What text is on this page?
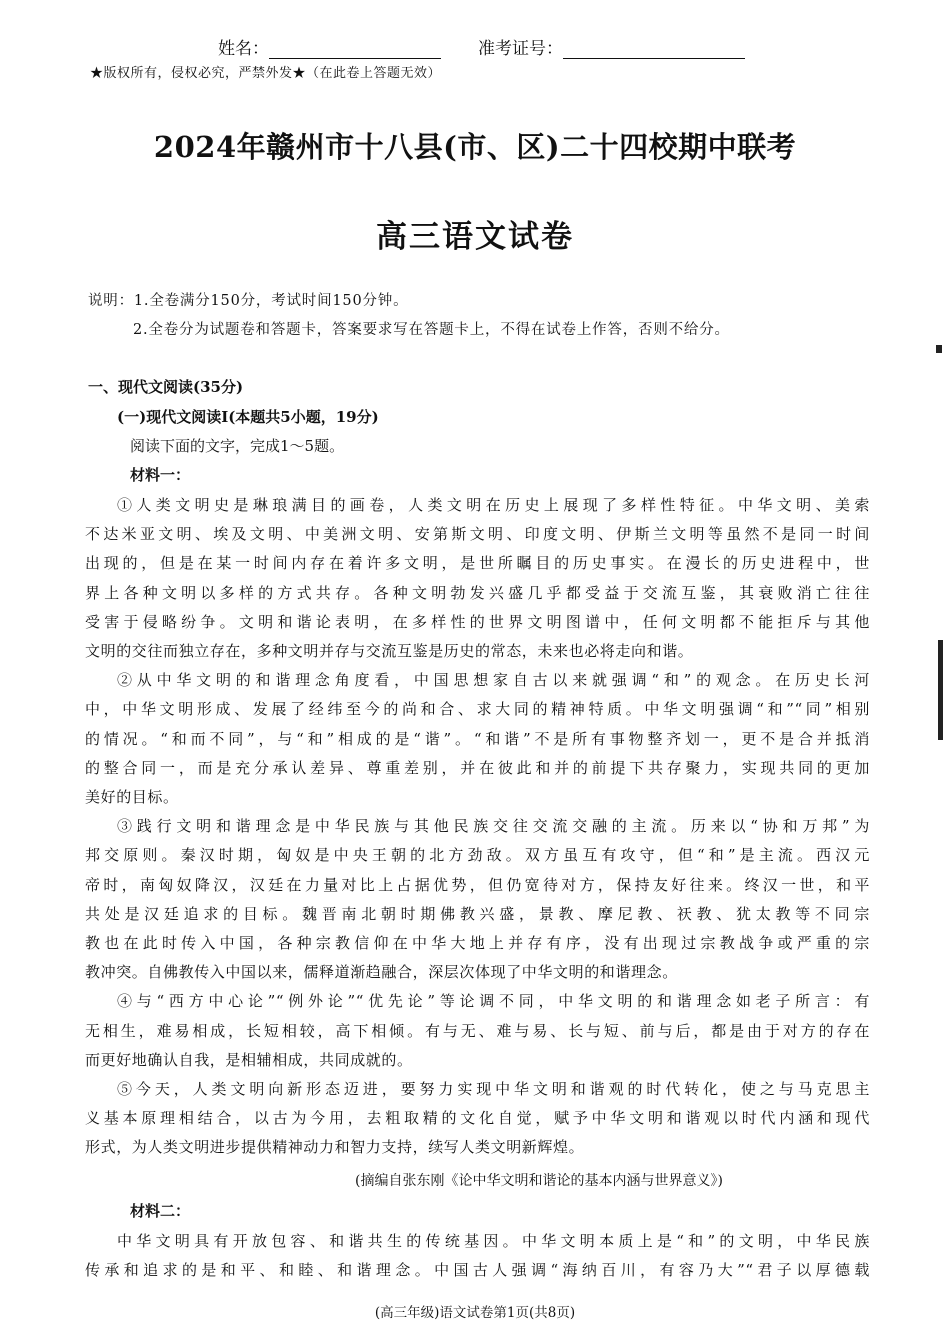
姓名：	准考证号：
★版权所有，侵权必究，严禁外发★（在此卷上答题无效）
2024年赣州市十八县(市、区)二十四校期中联考
高三语文试卷
说明：1.全卷满分150分，考试时间150分钟。
2.全卷分为试题卷和答题卡，答案要求写在答题卡上，不得在试卷上作答，否则不给分。
一、现代文阅读(35分)
(一)现代文阅读Ⅰ(本题共5小题，19分)
阅读下面的文字，完成1～5题。
材料一：
①人类文明史是琳琅满目的画卷，人类文明在历史上展现了多样性特征。中华文明、美索
不达米亚文明、埃及文明、中美洲文明、安第斯文明、印度文明、伊斯兰文明等虽然不是同一时间
出现的，但是在某一时间内存在着许多文明，是世所瞩目的历史事实。在漫长的历史进程中，世
界上各种文明以多样的方式共存。各种文明勃发兴盛几乎都受益于交流互鉴，其衰败消亡往往
受害于侵略纷争。文明和谐论表明，在多样性的世界文明图谱中，任何文明都不能拒斥与其他
文明的交往而独立存在，多种文明并存与交流互鉴是历史的常态，未来也必将走向和谐。
②从中华文明的和谐理念角度看，中国思想家自古以来就强调“和”的观念。在历史长河
中，中华文明形成、发展了经纬至今的尚和合、求大同的精神特质。中华文明强调“和”“同”相别
的情况。“和而不同”，与“和”相成的是“谐”。“和谐”不是所有事物整齐划一，更不是合并抵消
的整合同一，而是充分承认差异、尊重差别，并在彼此和并的前提下共存聚力，实现共同的更加
美好的目标。
③践行文明和谐理念是中华民族与其他民族交往交流交融的主流。历来以“协和万邦”为
邦交原则。秦汉时期，匈奴是中央王朝的北方劲敌。双方虽互有攻守，但“和”是主流。西汉元
帝时，南匈奴降汉，汉廷在力量对比上占据优势，但仍宽待对方，保持友好往来。终汉一世，和平
共处是汉廷追求的目标。魏晋南北朝时期佛教兴盛，景教、摩尼教、祆教、犹太教等不同宗
教也在此时传入中国，各种宗教信仰在中华大地上并存有序，没有出现过宗教战争或严重的宗
教冲突。自佛教传入中国以来，儒释道渐趋融合，深层次体现了中华文明的和谐理念。
④与“西方中心论”“例外论”“优先论”等论调不同，中华文明的和谐理念如老子所言：有
无相生，难易相成，长短相较，高下相倾。有与无、难与易、长与短、前与后，都是由于对方的存在
而更好地确认自我，是相辅相成，共同成就的。
⑤今天，人类文明向新形态迈进，要努力实现中华文明和谐观的时代转化，使之与马克思主
义基本原理相结合，以古为今用，去粗取精的文化自觉，赋予中华文明和谐观以时代内涵和现代
形式，为人类文明进步提供精神动力和智力支持，续写人类文明新辉煌。
(摘编自张东刚《论中华文明和谐论的基本内涵与世界意义》)
材料二：
中华文明具有开放包容、和谐共生的传统基因。中华文明本质上是“和”的文明，中华民族
传承和追求的是和平、和睦、和谐理念。中国古人强调“海纳百川，有容乃大”“君子以厚德载
(高三年级)语文试卷第1页(共8页)
